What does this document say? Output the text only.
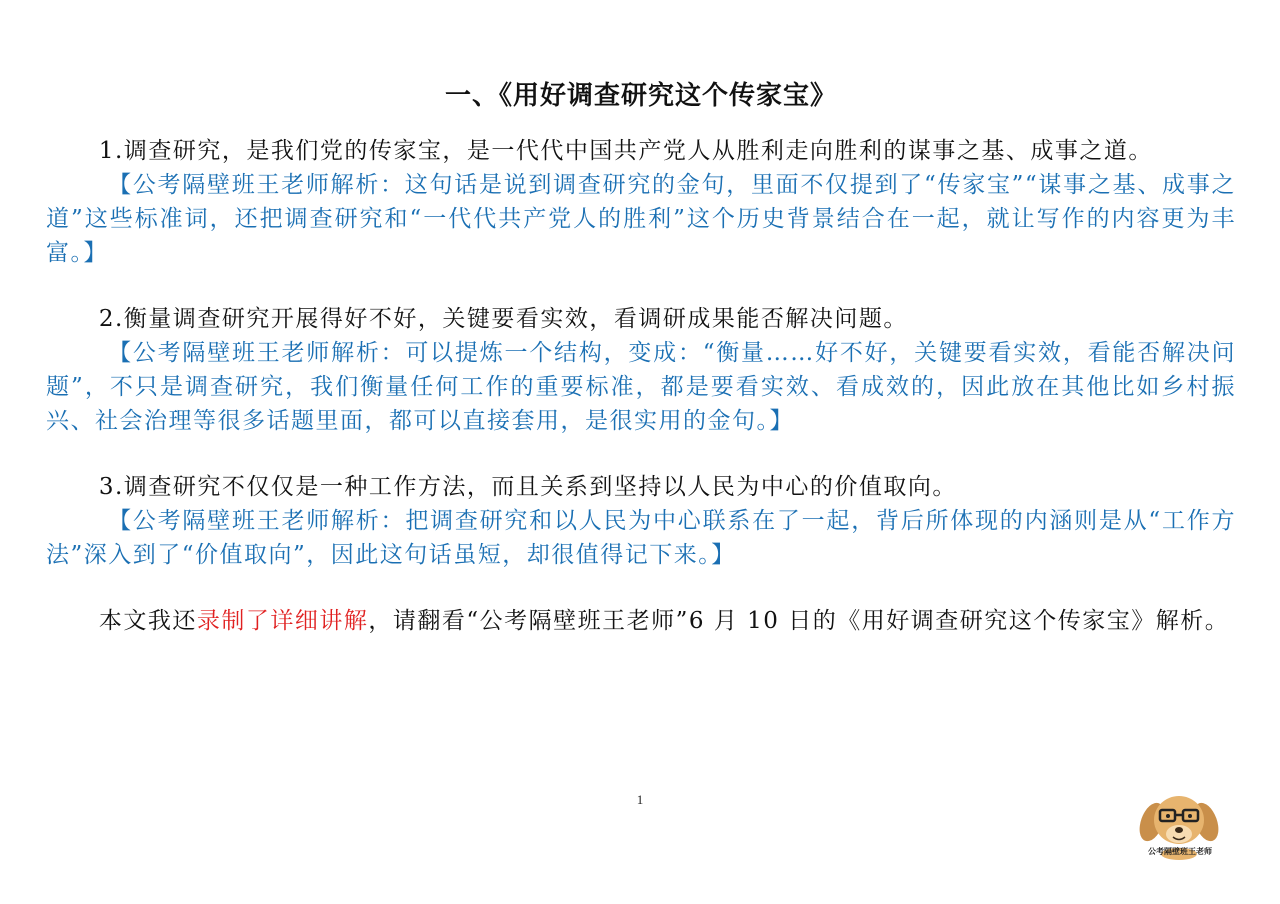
一、《用好调查研究这个传家宝》

1.调查研究，是我们党的传家宝，是一代代中国共产党人从胜利走向胜利的谋事之基、成事之道。

【公考隔壁班王老师解析：这句话是说到调查研究的金句，里面不仅提到了“传家宝”“谋事之基、成事之道”这些标准词，还把调查研究和“一代代共产党人的胜利”这个历史背景结合在一起，就让写作的内容更为丰富。】

2.衡量调查研究开展得好不好，关键要看实效，看调研成果能否解决问题。

【公考隔壁班王老师解析：可以提炼一个结构，变成：“衡量……好不好，关键要看实效，看能否解决问题”，不只是调查研究，我们衡量任何工作的重要标准，都是要看实效、看成效的，因此放在其他比如乡村振兴、社会治理等很多话题里面，都可以直接套用，是很实用的金句。】

3.调查研究不仅仅是一种工作方法，而且关系到坚持以人民为中心的价值取向。

【公考隔壁班王老师解析：把调查研究和以人民为中心联系在了一起，背后所体现的内涵则是从“工作方法”深入到了“价值取向”，因此这句话虽短，却很值得记下来。】

本文我还录制了详细讲解，请翻看“公考隔壁班王老师”6 月 10 日的《用好调查研究这个传家宝》解析。

1
公考隔壁班王老师
